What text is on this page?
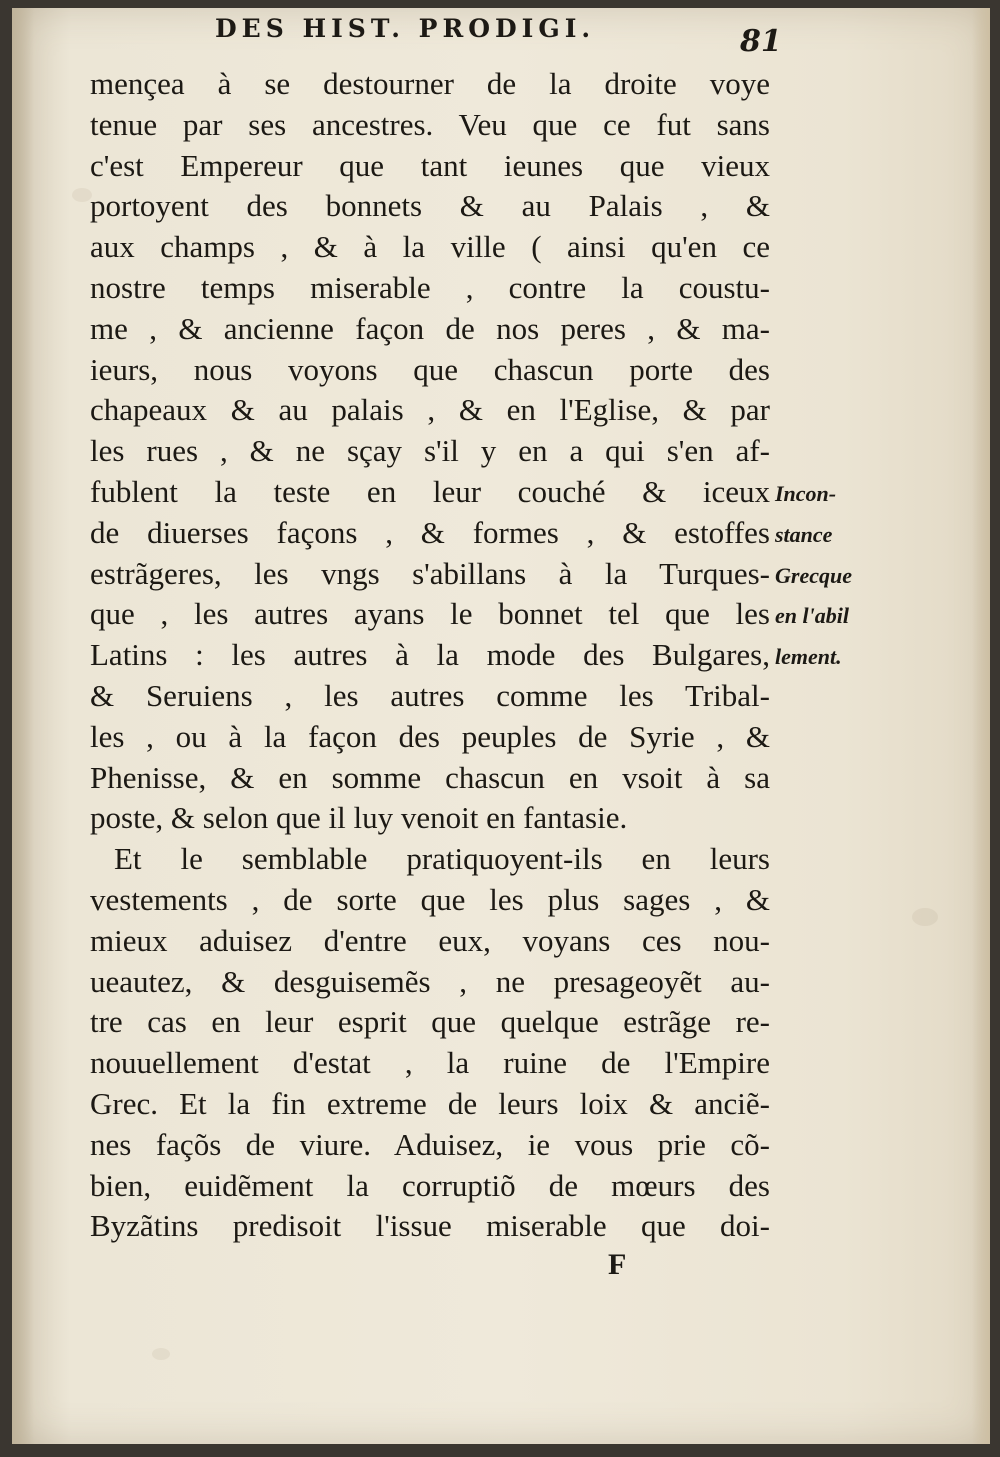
DES HIST. PRODIGI.	81
mençea à se destourner de la droite voye
tenue par ses ancestres. Veu que ce fut sans
c'est Empereur que tant ieunes que vieux
portoyent des bonnets & au Palais , &
aux champs , & à la ville ( ainsi qu'en ce
nostre temps miserable , contre la coustu-
me , & ancienne façon de nos peres , & ma-
ieurs, nous voyons que chascun porte des
chapeaux & au palais , & en l'Eglise, & par
les rues , & ne sçay s'il y en a qui s'en af-
fublent la teste en leur couché & iceux
de diuerses façons , & formes , & estoffes
estrãgeres, les vngs s'abillans à la Turques-
que , les autres ayans le bonnet tel que les
Latins : les autres à la mode des Bulgares,
& Seruiens , les autres comme les Tribal-
les , ou à la façon des peuples de Syrie , &
Phenisse, & en somme chascun en vsoit à sa
poste, & selon que il luy venoit en fantasie.
Et le semblable pratiquoyent-ils en leurs
vestements , de sorte que les plus sages , &
mieux aduisez d'entre eux, voyans ces nou-
ueautez, & desguisemẽs , ne presageoyẽt au-
tre cas en leur esprit que quelque estrãge re-
nouuellement d'estat , la ruine de l'Empire
Grec. Et la fin extreme de leurs loix & anciẽ-
nes façõs de viure. Aduisez, ie vous prie cõ-
bien, euidẽment la corruptiõ de mœurs des
Byzãtins predisoit l'issue miserable que doi-
Incon-
stance
Grecque
en l'abil
lement.
F
